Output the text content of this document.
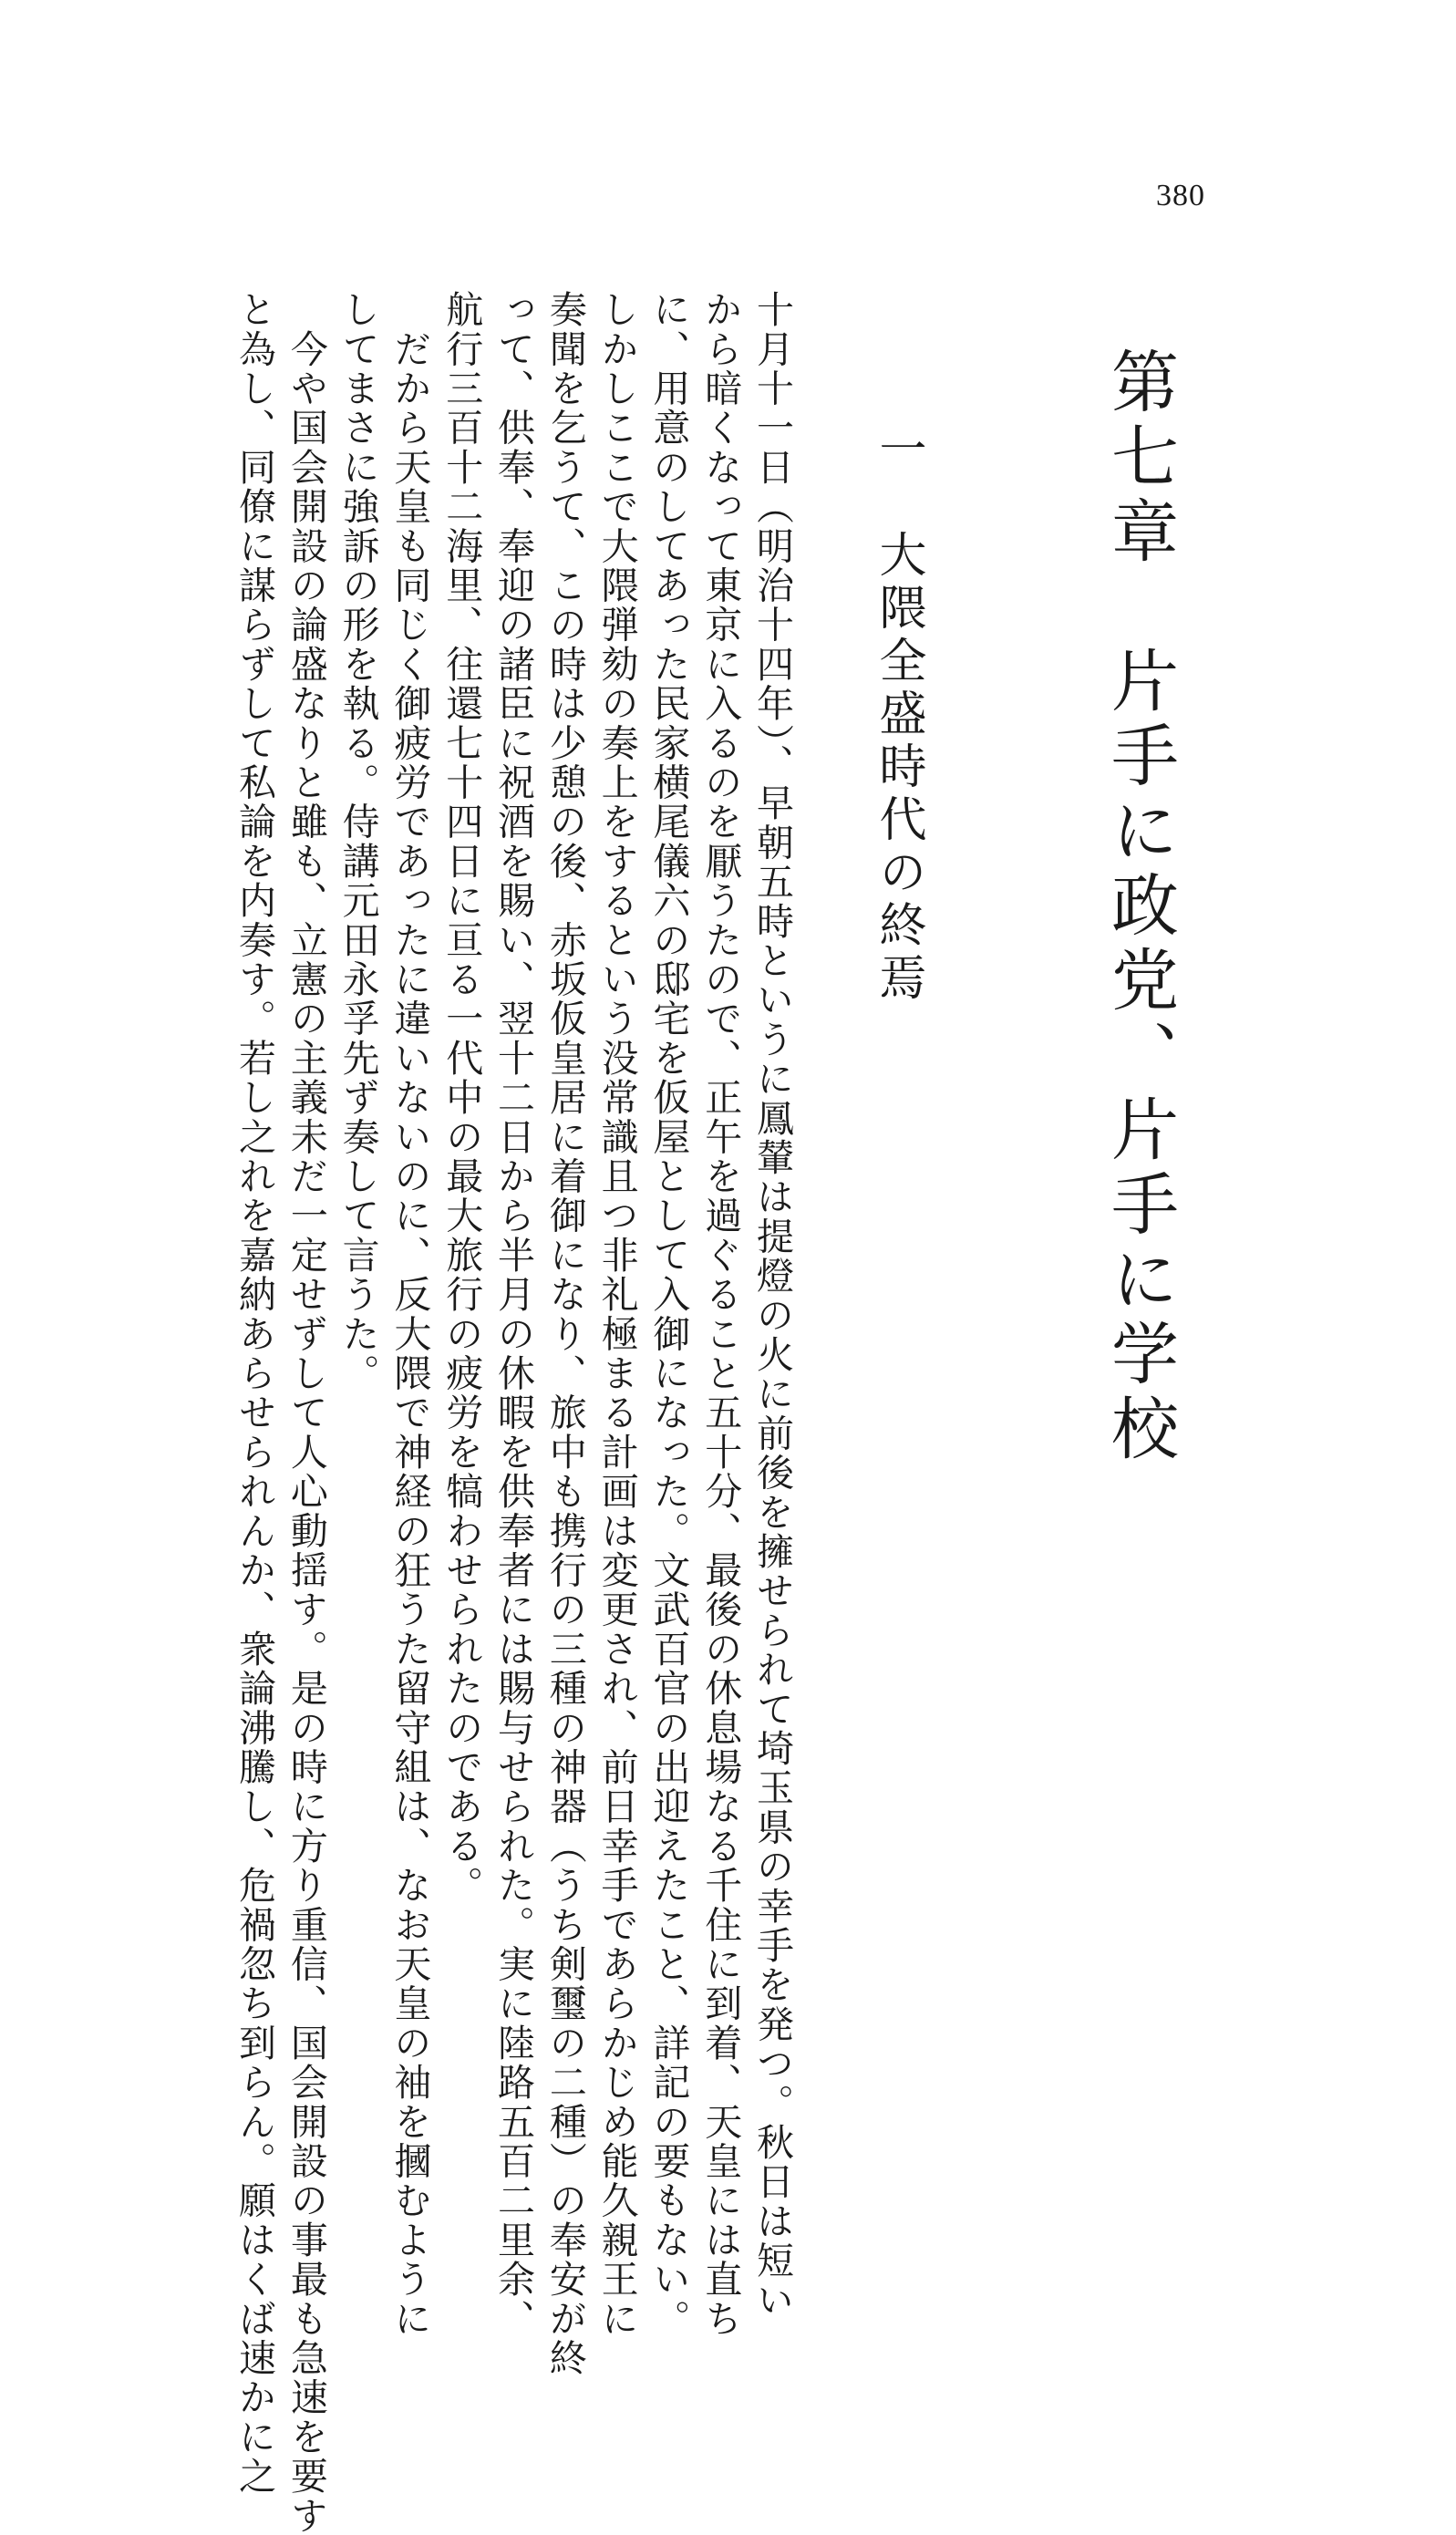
380
第七章　片手に政党、片手に学校
一　大隈全盛時代の終焉
十月十一日（明治十四年）、早朝五時というに鳳輦は提燈の火に前後を擁せられて埼玉県の幸手を発つ。秋日は短い
から暗くなって東京に入るのを厭うたので、正午を過ぐること五十分、最後の休息場なる千住に到着、天皇には直ち
に、用意のしてあった民家横尾儀六の邸宅を仮屋として入御になった。文武百官の出迎えたこと、詳記の要もない。
しかしここで大隈弾劾の奏上をするという没常識且つ非礼極まる計画は変更され、前日幸手であらかじめ能久親王に
奏聞を乞うて、この時は少憩の後、赤坂仮皇居に着御になり、旅中も携行の三種の神器（うち剣璽の二種）の奉安が終
って、供奉、奉迎の諸臣に祝酒を賜い、翌十二日から半月の休暇を供奉者には賜与せられた。実に陸路五百二里余、
航行三百十二海里、往還七十四日に亘る一代中の最大旅行の疲労を犒わせられたのである。
　だから天皇も同じく御疲労であったに違いないのに、反大隈で神経の狂うた留守組は、なお天皇の袖を摑むように
してまさに強訴の形を執る。侍講元田永孚先ず奏して言うた。
　今や国会開設の論盛なりと雖も、立憲の主義未だ一定せずして人心動揺す。是の時に方り重信、国会開設の事最も急速を要す
と為し、同僚に謀らずして私論を内奏す。若し之れを嘉納あらせられんか、衆論沸騰し、危禍忽ち到らん。願はくば速かに之
